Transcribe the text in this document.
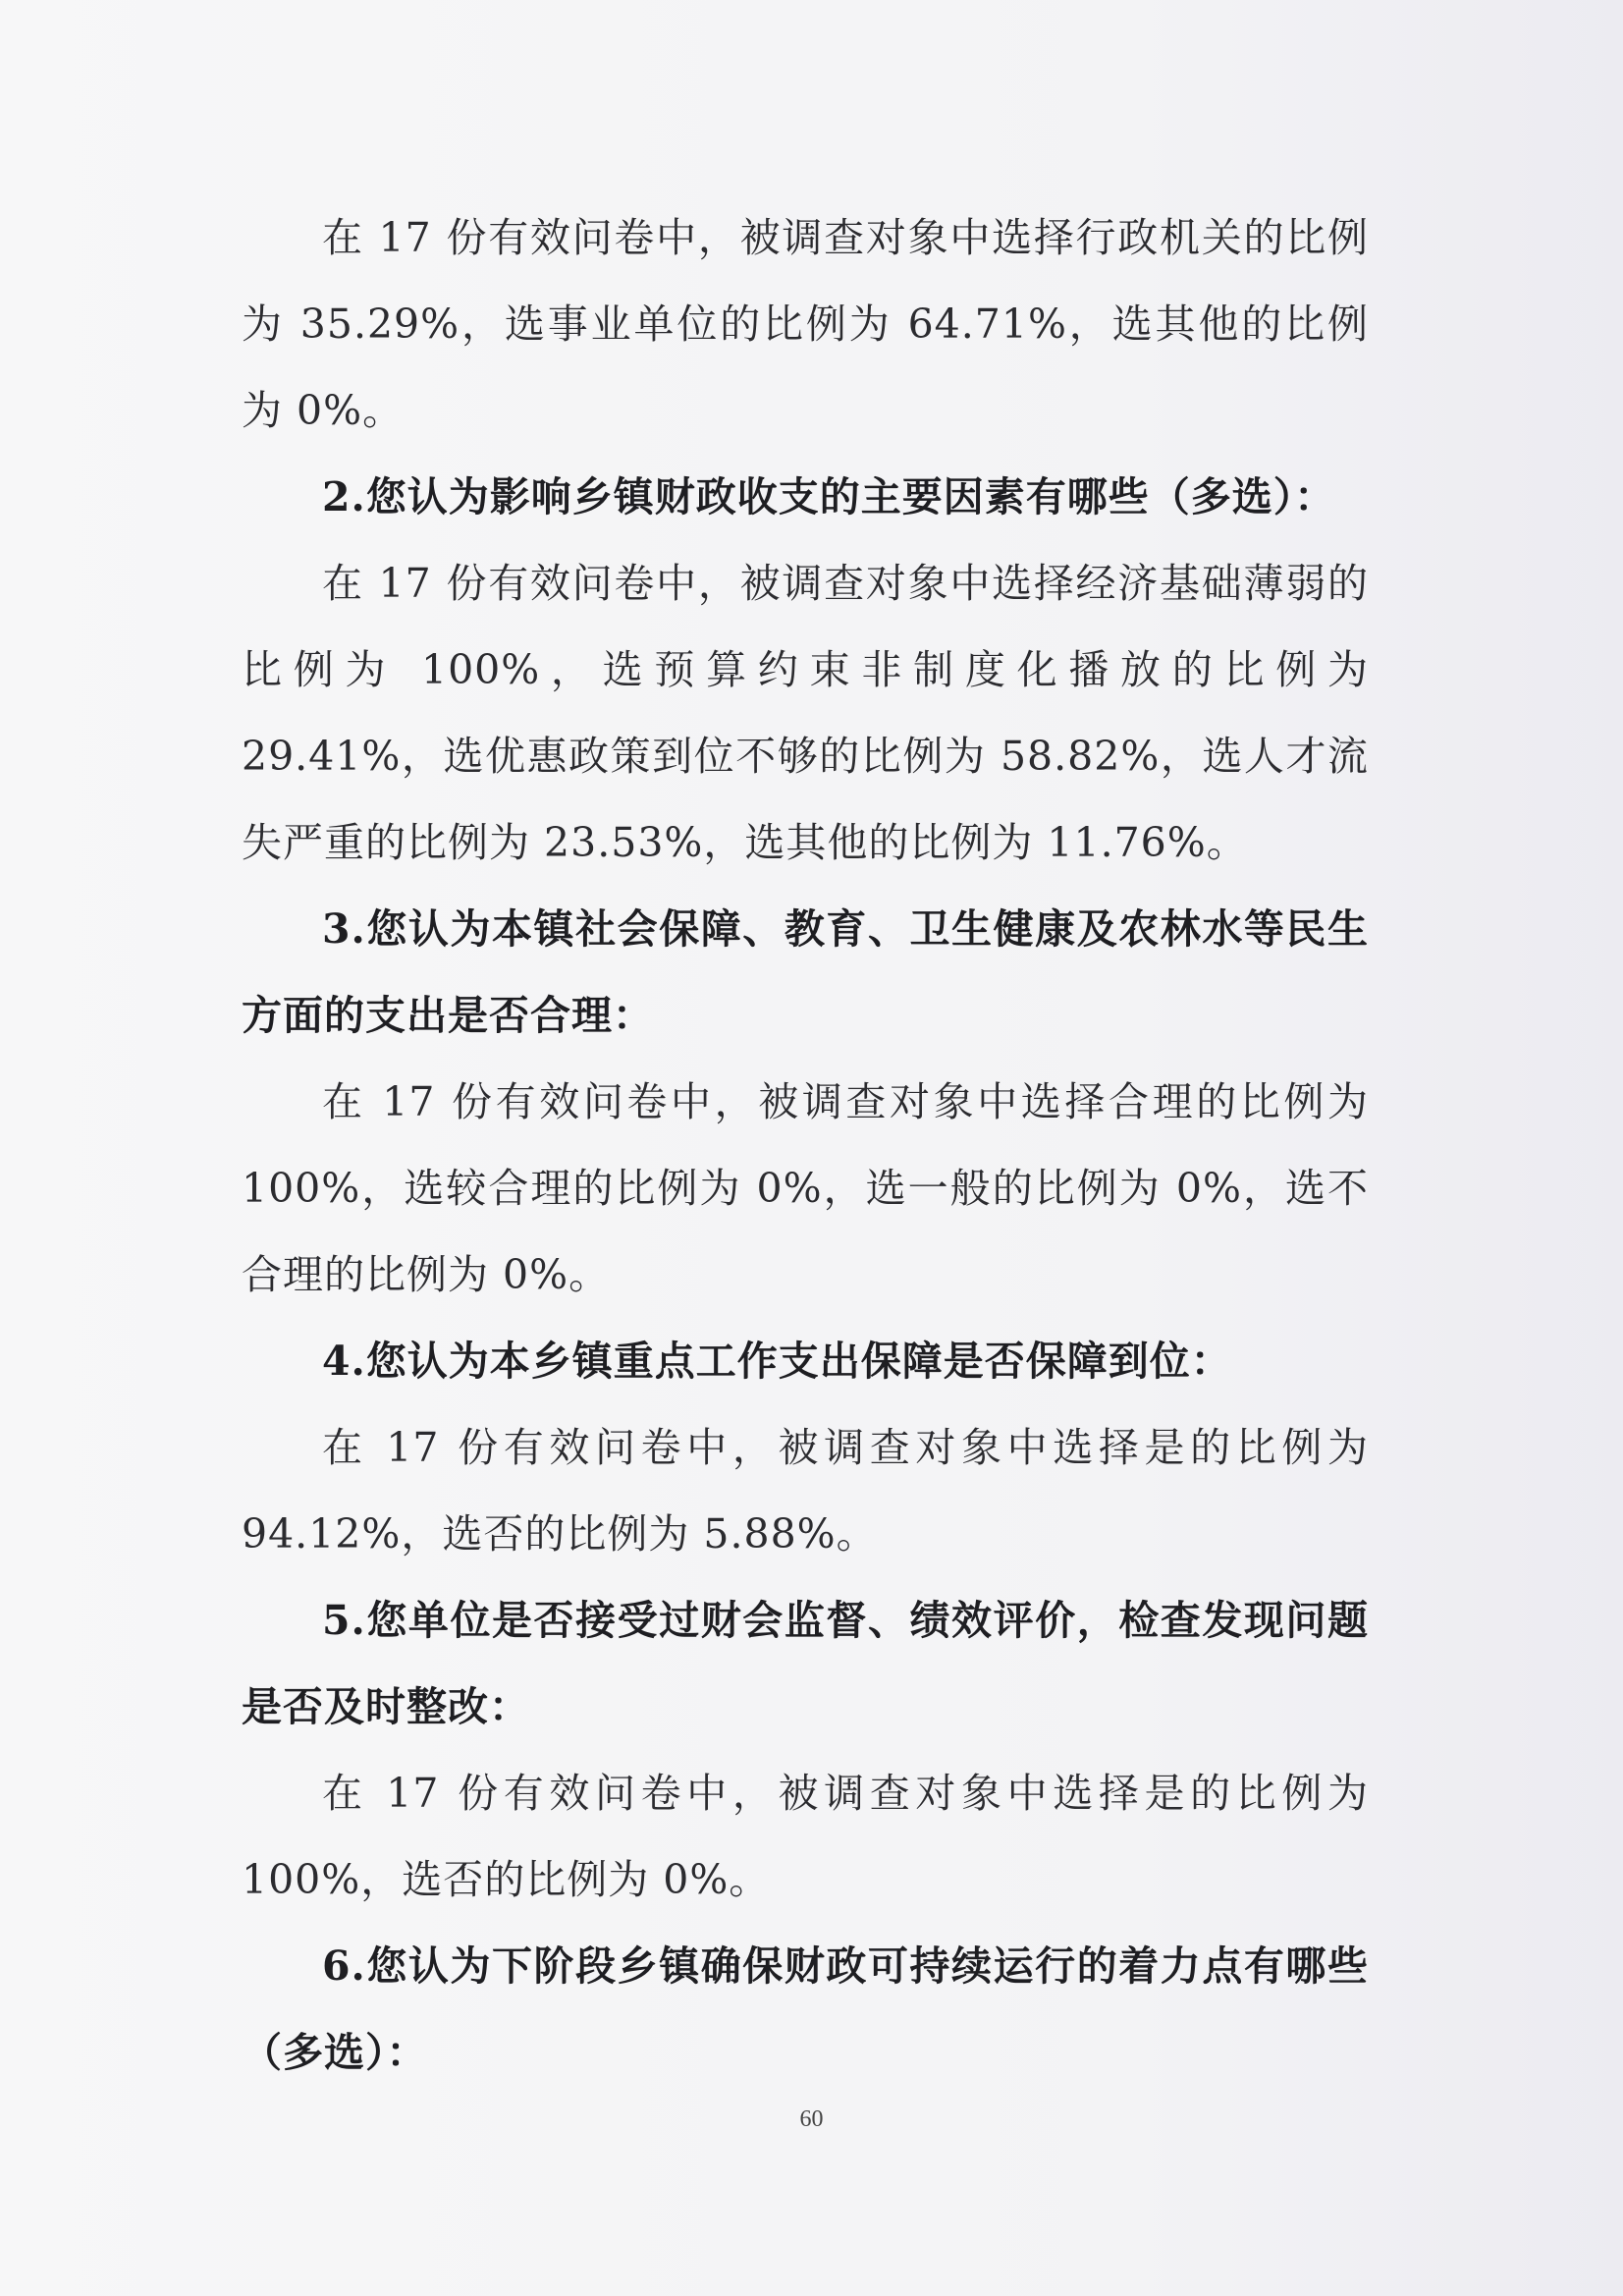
在 17 份有效问卷中，被调查对象中选择行政机关的比例为 35.29%，选事业单位的比例为 64.71%，选其他的比例为 0%。

2.您认为影响乡镇财政收支的主要因素有哪些（多选）：

在 17 份有效问卷中，被调查对象中选择经济基础薄弱的比例为 100%，选预算约束非制度化播放的比例为 29.41%，选优惠政策到位不够的比例为 58.82%，选人才流失严重的比例为 23.53%，选其他的比例为 11.76%。

3.您认为本镇社会保障、教育、卫生健康及农林水等民生方面的支出是否合理：

在 17 份有效问卷中，被调查对象中选择合理的比例为 100%，选较合理的比例为 0%，选一般的比例为 0%，选不合理的比例为 0%。

4.您认为本乡镇重点工作支出保障是否保障到位：

在 17 份有效问卷中，被调查对象中选择是的比例为 94.12%，选否的比例为 5.88%。

5.您单位是否接受过财会监督、绩效评价，检查发现问题是否及时整改：

在 17 份有效问卷中，被调查对象中选择是的比例为 100%，选否的比例为 0%。

6.您认为下阶段乡镇确保财政可持续运行的着力点有哪些（多选）：

60
